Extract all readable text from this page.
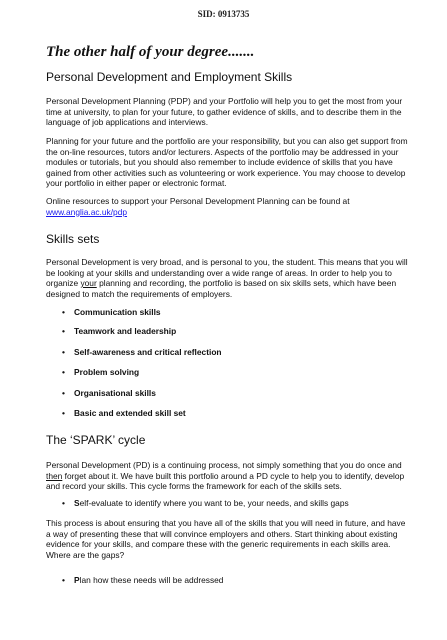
SID: 0913735
The other half of your degree.......
Personal Development and Employment Skills

Personal Development Planning (PDP) and your Portfolio will help you to get the most from your time at university, to plan for your future, to gather evidence of skills, and to describe them in the language of job applications and interviews.

Planning for your future and the portfolio are your responsibility, but you can also get support from the on-line resources, tutors and/or lecturers. Aspects of the portfolio may be addressed in your modules or tutorials, but you should also remember to include evidence of skills that you have gained from other activities such as volunteering or work experience. You may choose to develop your portfolio in either paper or electronic format.

Online resources to support your Personal Development Planning can be found at
www.anglia.ac.uk/pdp

Skills sets

Personal Development is very broad, and is personal to you, the student. This means that you will be looking at your skills and understanding over a wide range of areas. In order to help you to organize your planning and recording, the portfolio is based on six skills sets, which have been designed to match the requirements of employers.

• Communication skills
• Teamwork and leadership
• Self-awareness and critical reflection
• Problem solving
• Organisational skills
• Basic and extended skill set
The ‘SPARK’ cycle

Personal Development (PD) is a continuing process, not simply something that you do once and then forget about it. We have built this portfolio around a PD cycle to help you to identify, develop and record your skills. This cycle forms the framework for each of the skills sets.

• Self-evaluate to identify where you want to be, your needs, and skills gaps

This process is about ensuring that you have all of the skills that you will need in future, and have a way of presenting these that will convince employers and others. Start thinking about existing evidence for your skills, and compare these with the generic requirements in each skills area. Where are the gaps?

• Plan how these needs will be addressed
